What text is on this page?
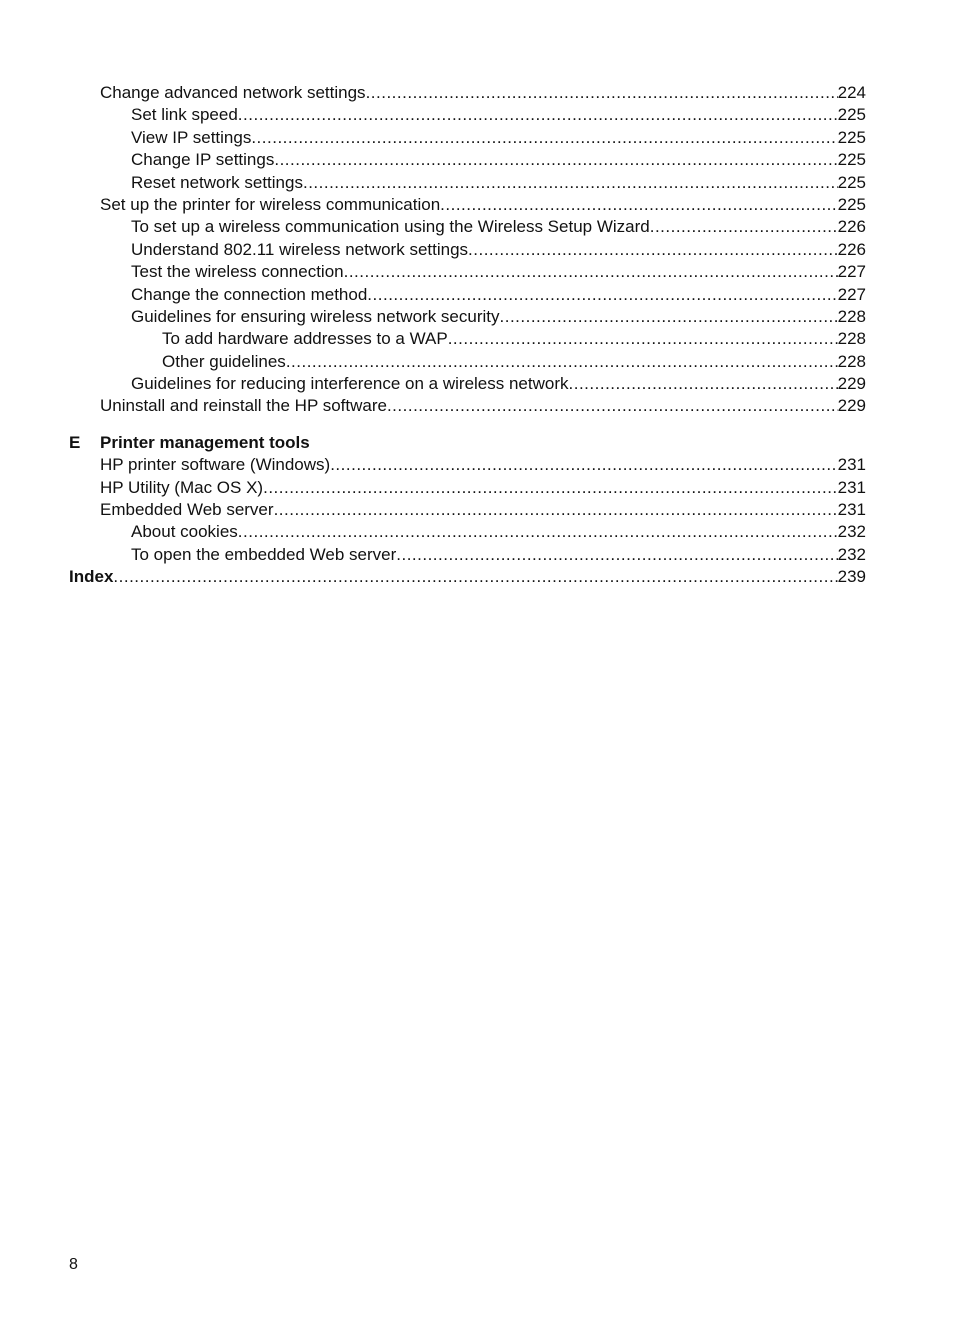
Change advanced network settings .....	224
Set link speed .....	225
View IP settings .....	225
Change IP settings .....	225
Reset network settings .....	225
Set up the printer for wireless communication .....	225
To set up a wireless communication using the Wireless Setup Wizard .....	226
Understand 802.11 wireless network settings .....	226
Test the wireless connection .....	227
Change the connection method .....	227
Guidelines for ensuring wireless network security .....	228
To add hardware addresses to a WAP .....	228
Other guidelines .....	228
Guidelines for reducing interference on a wireless network .....	229
Uninstall and reinstall the HP software .....	229
E Printer management tools
HP printer software (Windows) .....	231
HP Utility (Mac OS X) .....	231
Embedded Web server .....	231
About cookies .....	232
To open the embedded Web server .....	232
Index .....	239
8
